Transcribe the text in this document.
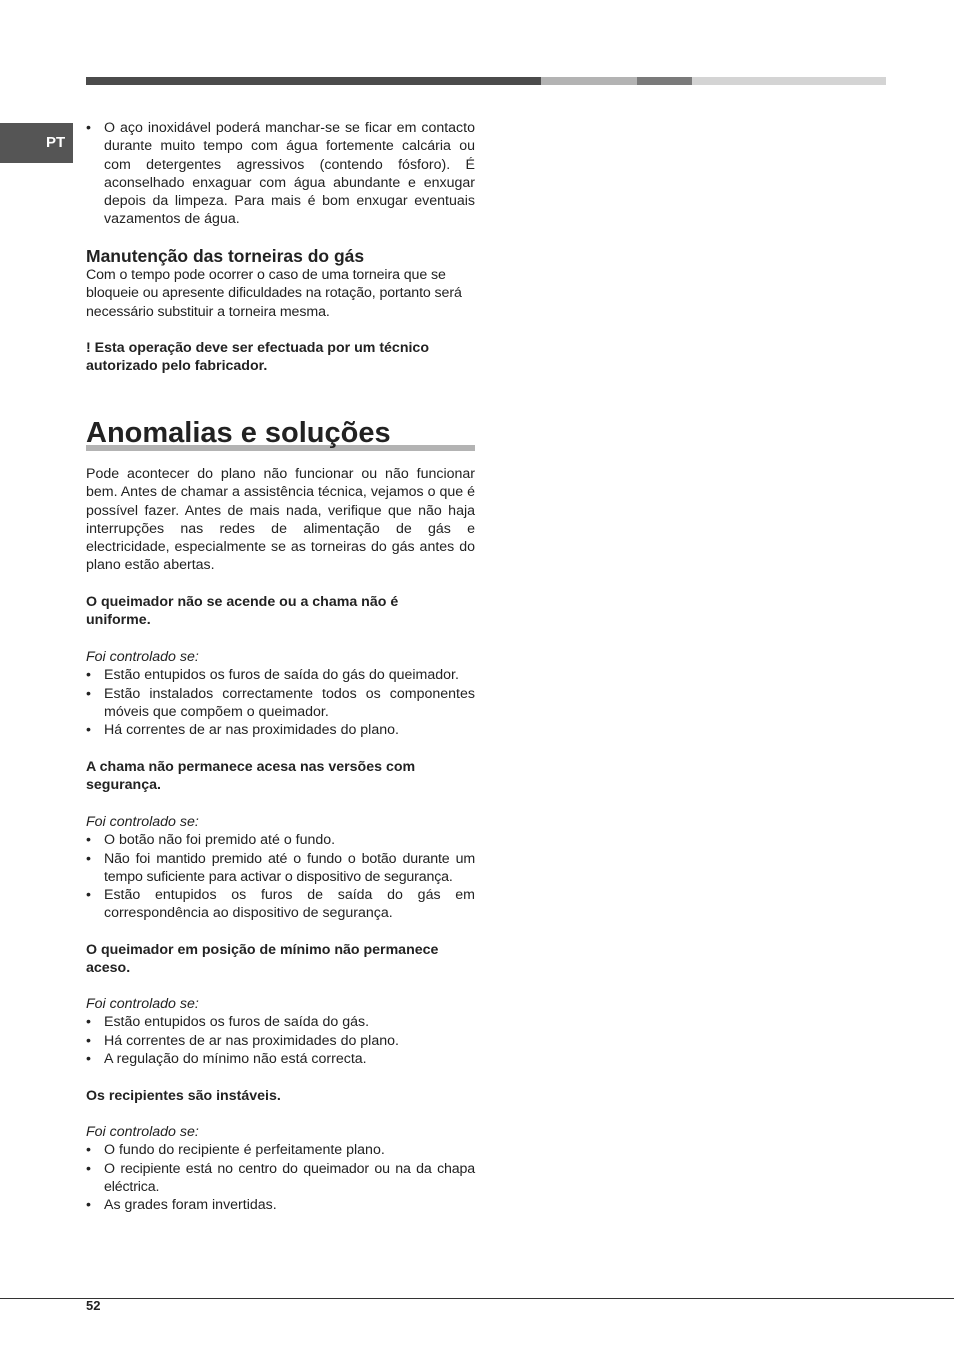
PT
• O aço inoxidável poderá manchar-se se ficar em contacto durante muito tempo com água fortemente calcária ou com detergentes agressivos (contendo fósforo). É aconselhado enxaguar com água abundante e enxugar depois da limpeza. Para mais é bom enxugar eventuais vazamentos de água.
Manutenção das torneiras do gás

Com o tempo pode ocorrer o caso de uma torneira que se bloqueie ou apresente dificuldades na rotação, portanto será necessário substituir a torneira mesma.

! Esta operação deve ser efectuada por um técnico autorizado pelo fabricador.

Anomalias e soluções

Pode acontecer do plano não funcionar ou não funcionar bem. Antes de chamar a assistência técnica, vejamos o que é possível fazer. Antes de mais nada, verifique que não haja interrupções nas redes de alimentação de gás e electricidade, especialmente se as torneiras do gás antes do plano estão abertas.

O queimador não se acende ou a chama não é uniforme.

Foi controlado se:

• Estão entupidos os furos de saída do gás do queimador.
• Estão instalados correctamente todos os componentes móveis que compõem o queimador.
• Há correntes de ar nas proximidades do plano.

A chama não permanece acesa nas versões com segurança.

Foi controlado se:

• O botão não foi premido até o fundo.
• Não foi mantido premido até o fundo o botão durante um tempo suficiente para activar o dispositivo de segurança.
• Estão entupidos os furos de saída do gás em correspondência ao dispositivo de segurança.

O queimador em posição de mínimo não permanece aceso.

Foi controlado se:

• Estão entupidos os furos de saída do gás.
• Há correntes de ar nas proximidades do plano.
• A regulação do mínimo não está correcta.

Os recipientes são instáveis.

Foi controlado se:

• O fundo do recipiente é perfeitamente plano.
• O recipiente está no centro do queimador ou na da chapa eléctrica.
• As grades foram invertidas.
52
